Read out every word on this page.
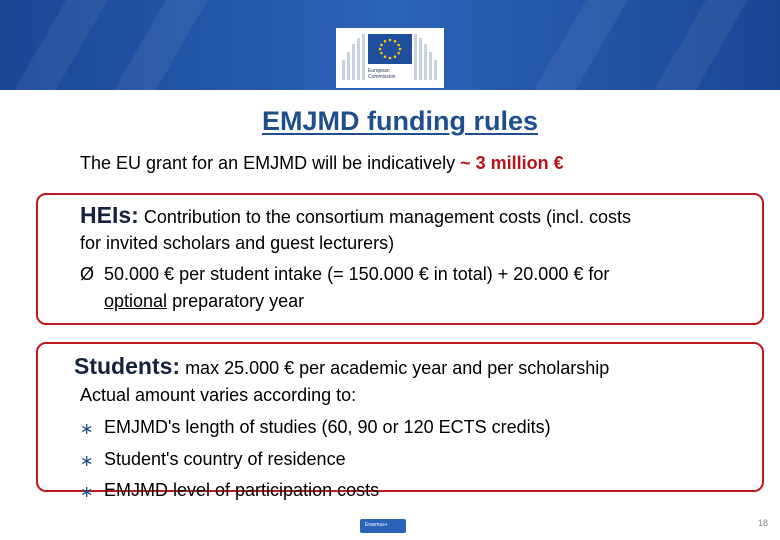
European
Commission
EMJMD funding rules
The EU grant for an EMJMD will be indicatively ~ 3 million €
HEIs: Contribution to the consortium management costs (incl. costs
for invited scholars and guest lecturers)
Ø 50.000 € per student intake (= 150.000 € in total) + 20.000 € for
optional preparatory year
Students: max 25.000 € per academic year and per scholarship
Actual amount varies according to:
∗ EMJMD's length of studies (60, 90 or 120 ECTS credits)
∗ Student's country of residence
∗ EMJMD level of participation costs
Erasmus+	18
